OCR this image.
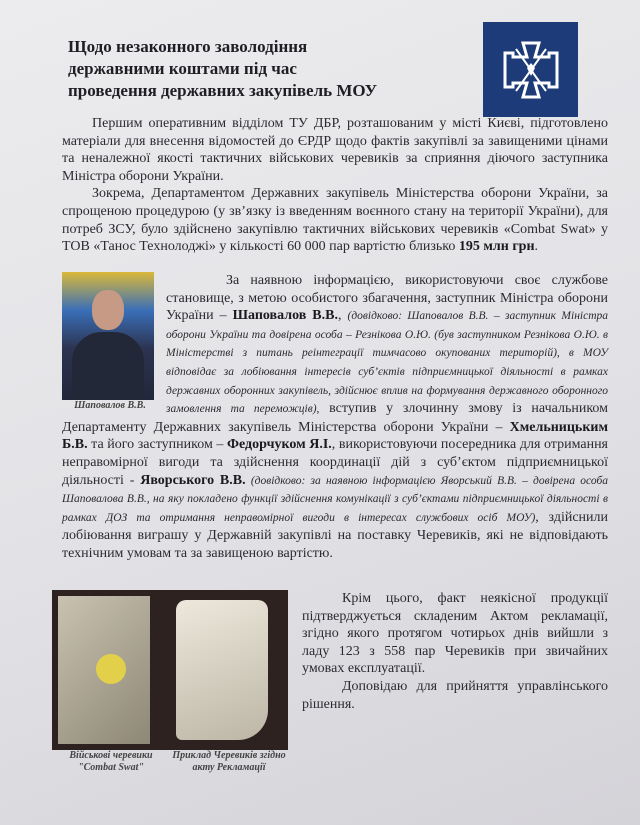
Щодо незаконного заволодіння
державними коштами під час
проведення державних закупівель МОУ

Першим оперативним відділом ТУ ДБР, розташованим у місті Києві, підготовлено матеріали для внесення відомостей до ЄРДР щодо фактів закупівлі за завищеними цінами та неналежної якості тактичних військових черевиків за сприяння діючого заступника Міністра оборони України.

Зокрема, Департаментом Державних закупівель Міністерства оборони України, за спрощеною процедурою (у зв’язку із введенням воєнного стану на території України), для потреб ЗСУ, було здійснено закупівлю тактичних військових черевиків «Combat Swat» у ТОВ «Танос Технолоджі» у кількості 60 000 пар вартістю близько 195 млн грн.

Шаповалов В.В.

За наявною інформацією, використовуючи своє службове становище, з метою особистого збагачення, заступник Міністра оборони України – Шаповалов В.В., (довідково: Шаповалов В.В. – заступник Міністра оборони України та довірена особа – Резнікова О.Ю. (був заступником Резнікова О.Ю. в Міністерстві з питань реінтеграції тимчасово окупованих територій), в МОУ відповідає за лобіювання інтересів суб’єктів підприємницької діяльності в рамках державних оборонних закупівель, здійснює вплив на формування державного оборонного замовлення та переможців), вступив у злочинну змову із начальником Департаменту Державних закупівель Міністерства оборони України – Хмельницьким Б.В. та його заступником – Федорчуком Я.І., використовуючи посередника для отримання неправомірної вигоди та здійснення координації дій з суб’єктом підприємницької діяльності - Яворського В.В. (довідково: за наявною інформацією Яворський В.В. – довірена особа Шаповалова В.В., на яку покладено функції здійснення комунікації з суб’єктами підприємницької діяльності в рамках ДОЗ та отримання неправомірної вигоди в інтересах службових осіб МОУ), здійснили лобіювання виграшу у Державній закупівлі на поставку Черевиків, які не відповідають технічним умовам та за завищеною вартістю.

Військові черевики "Combat Swat"
Приклад Черевиків згідно акту Рекламації

Крім цього, факт неякісної продукції підтверджується складеним Актом рекламації, згідно якого протягом чотирьох днів вийшли з ладу 123 з 558 пар Черевиків при звичайних умовах експлуатації.

Доповідаю для прийняття управлінського рішення.
